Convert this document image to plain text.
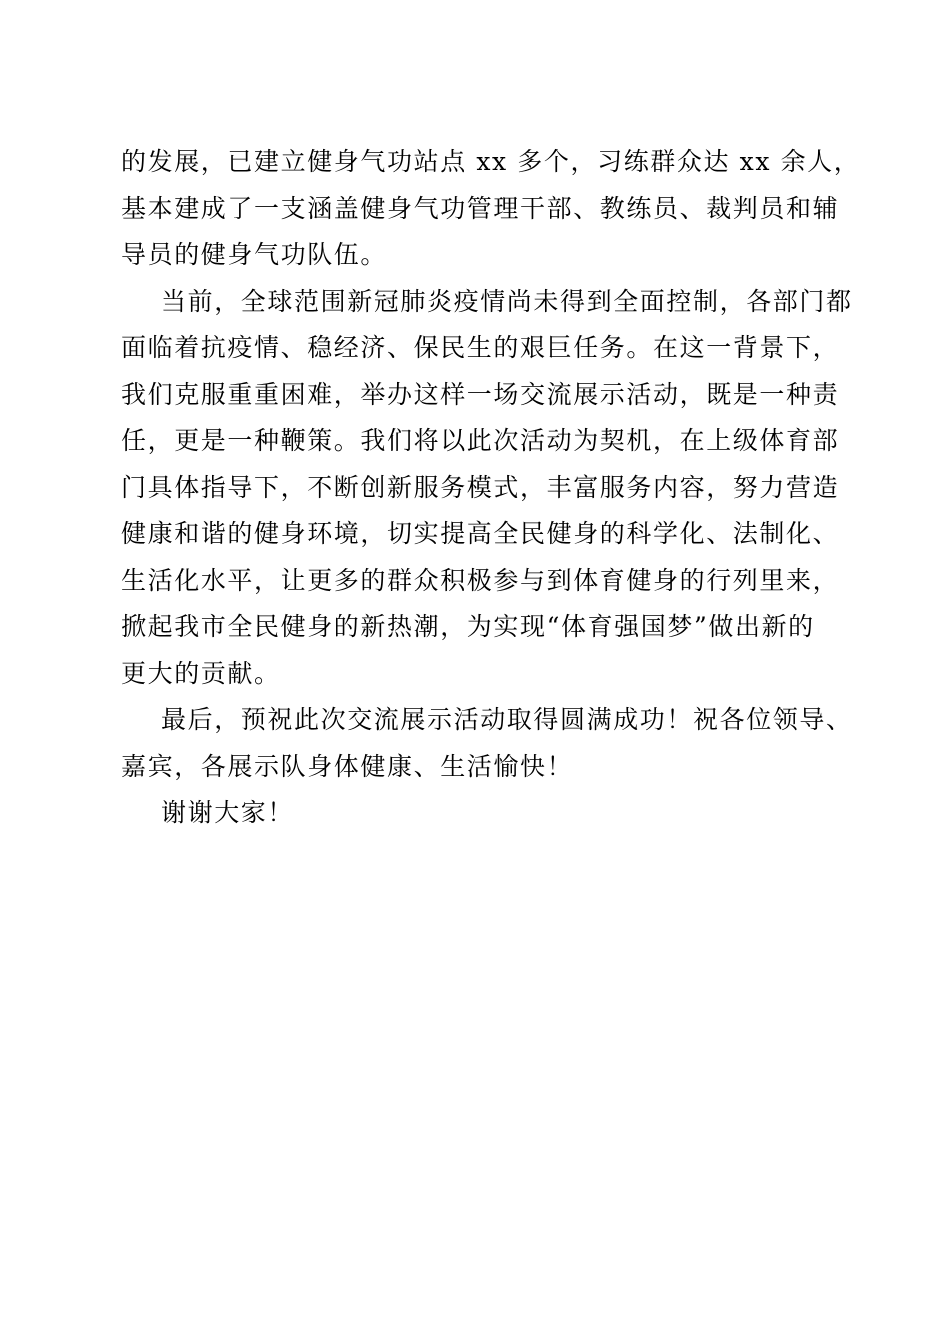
的发展，已建立健身气功站点 xx 多个，习练群众达 xx 余人，
基本建成了一支涵盖健身气功管理干部、教练员、裁判员和辅
导员的健身气功队伍。
当前，全球范围新冠肺炎疫情尚未得到全面控制，各部门都
面临着抗疫情、稳经济、保民生的艰巨任务。在这一背景下，
我们克服重重困难，举办这样一场交流展示活动，既是一种责
任，更是一种鞭策。我们将以此次活动为契机，在上级体育部
门具体指导下，不断创新服务模式，丰富服务内容，努力营造
健康和谐的健身环境，切实提高全民健身的科学化、法制化、
生活化水平，让更多的群众积极参与到体育健身的行列里来，
掀起我市全民健身的新热潮，为实现“体育强国梦”做出新的
更大的贡献。
最后，预祝此次交流展示活动取得圆满成功！祝各位领导、
嘉宾，各展示队身体健康、生活愉快！
谢谢大家！
